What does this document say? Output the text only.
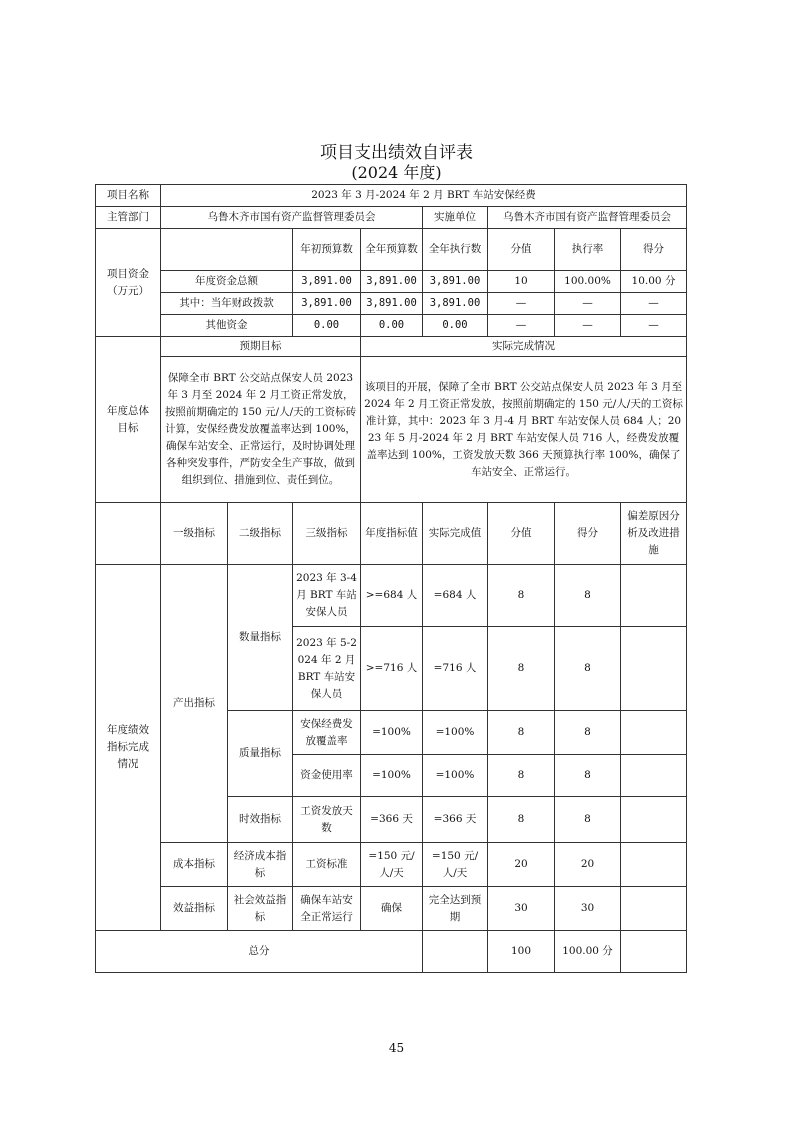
项目支出绩效自评表
(2024 年度)
项目名称	2023 年 3 月-2024 年 2 月 BRT 车站安保经费							
主管部门	乌鲁木齐市国有资产监督管理委员会				实施单位	乌鲁木齐市国有资产监督管理委员会		
项目资金
（万元）			年初预算数	全年预算数	全年执行数	分值	执行率	得分
	年度资金总额		3,891.00	3,891.00	3,891.00	10	100.00%	10.00 分
	其中：当年财政拨款		3,891.00	3,891.00	3,891.00	—	—	—
	其他资金		0.00	0.00	0.00	—	—	—
年度总体
目标	预期目标			实际完成情况				
	保障全市 BRT 公交站点保安人员 2023 年 3 月至 2024 年 2 月工资正常发放，按照前期确定的 150 元/人/天的工资标砖计算，安保经费发放覆盖率达到 100%，确保车站安全、正常运行，及时协调处理各种突发事件，严防安全生产事故，做到组织到位、措施到位、责任到位。			该项目的开展，保障了全市 BRT 公交站点保安人员 2023 年 3 月至 2024 年 2 月工资正常发放，按照前期确定的 150 元/人/天的工资标准计算，其中：2023 年 3 月-4 月 BRT 车站安保人员 684 人；2023 年 5 月-2024 年 2 月 BRT 车站安保人员 716 人，经费发放覆盖率达到 100%，工资发放天数 366 天预算执行率 100%，确保了车站安全、正常运行。				
	一级指标	二级指标	三级指标	年度指标值	实际完成值	分值	得分	偏差原因分析及改进措施
年度绩效
指标完成
情况	产出指标	数量指标	2023 年 3-4 月 BRT 车站安保人员	>=684 人	=684 人	8	8	
			2023 年 5-2024 年 2 月 BRT 车站安保人员	>=716 人	=716 人	8	8	
		质量指标	安保经费发放覆盖率	=100%	=100%	8	8	
			资金使用率	=100%	=100%	8	8	
		时效指标	工资发放天数	=366 天	=366 天	8	8	
	成本指标	经济成本指标	工资标准	=150 元/人/天	=150 元/人/天	20	20	
	效益指标	社会效益指标	确保车站安全正常运行	确保	完全达到预期	30	30	
总分						100	100.00 分	
45
